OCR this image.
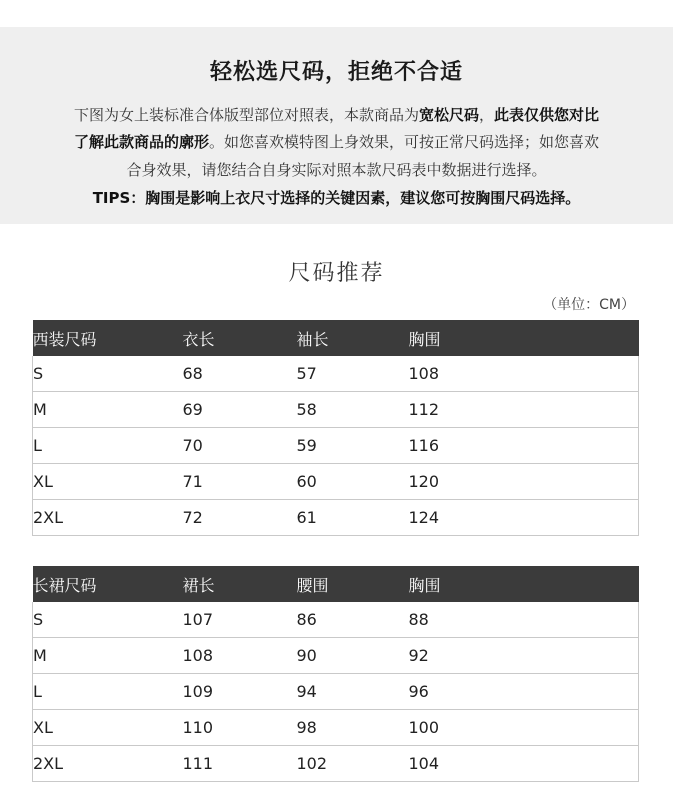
轻松选尺码，拒绝不合适
下图为女上装标准合体版型部位对照表，本款商品为宽松尺码，此表仅供您对比
了解此款商品的廓形。如您喜欢模特图上身效果，可按正常尺码选择；如您喜欢
合身效果，请您结合自身实际对照本款尺码表中数据进行选择。
TIPS：胸围是影响上衣尺寸选择的关键因素，建议您可按胸围尺码选择。
尺码推荐
（单位：CM）
西装尺码	衣长	袖长	胸围
S	68	57	108
M	69	58	112
L	70	59	116
XL	71	60	120
2XL	72	61	124
长裙尺码	裙长	腰围	胸围
S	107	86	88
M	108	90	92
L	109	94	96
XL	110	98	100
2XL	111	102	104
